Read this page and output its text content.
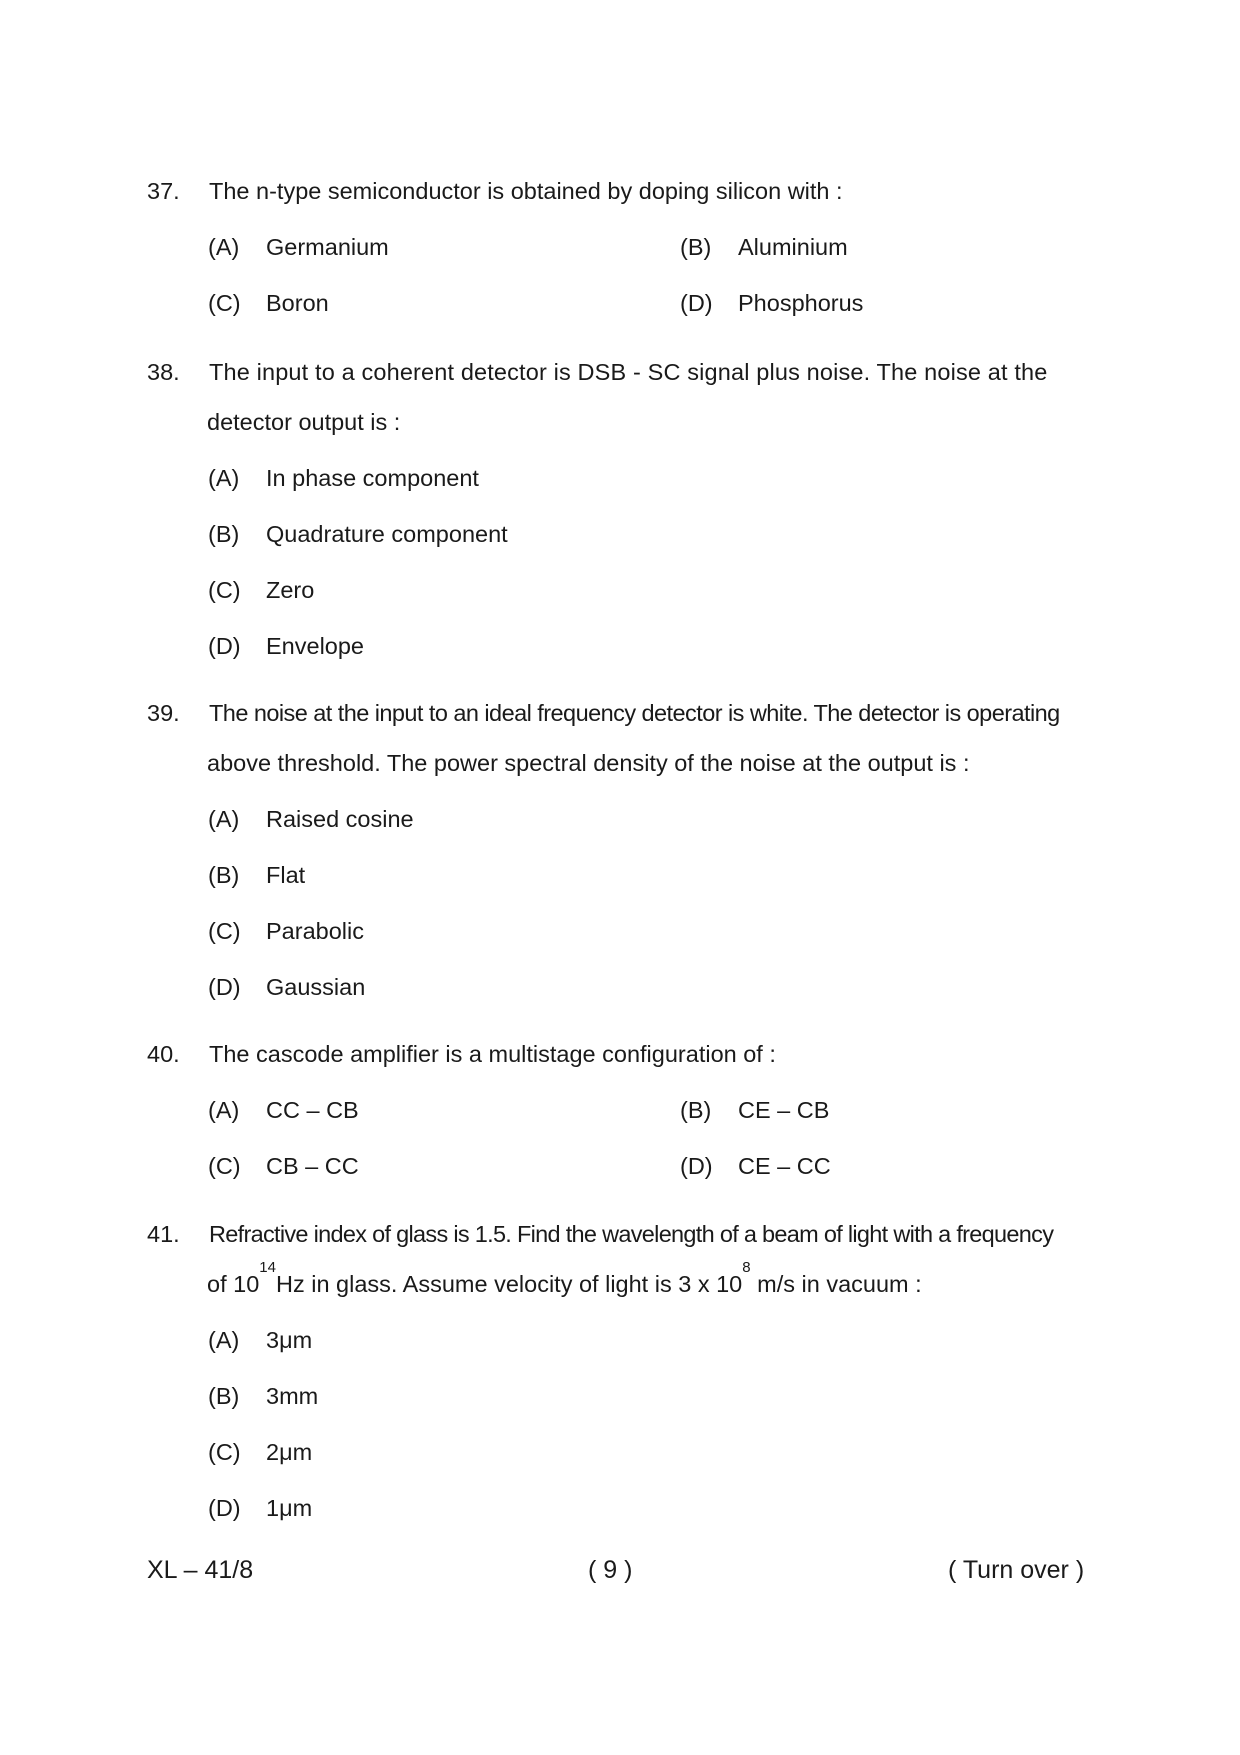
37.	The n-type semiconductor is obtained by doping silicon with :
(A) Germanium	(B) Aluminium
(C) Boron	(D) Phosphorus
38.	The input to a coherent detector is DSB - SC signal plus noise. The noise at the
detector output is :
(A) In phase component
(B) Quadrature component
(C) Zero
(D) Envelope
39.	The noise at the input to an ideal frequency detector is white. The detector is operating
above threshold. The power spectral density of the noise at the output is :
(A) Raised cosine
(B) Flat
(C) Parabolic
(D) Gaussian
40.	The cascode amplifier is a multistage configuration of :
(A) CC – CB	(B) CE – CB
(C) CB – CC	(D) CE – CC
41.	Refractive index of glass is 1.5. Find the wavelength of a beam of light with a frequency
of $10^{14}Hz$ in glass. Assume velocity of light is 3 x $10^8$ m/s in vacuum :
(A) 3μm
(B) 3mm
(C) 2μm
(D) 1μm
XL – 41/8	( 9 )	( Turn over )
